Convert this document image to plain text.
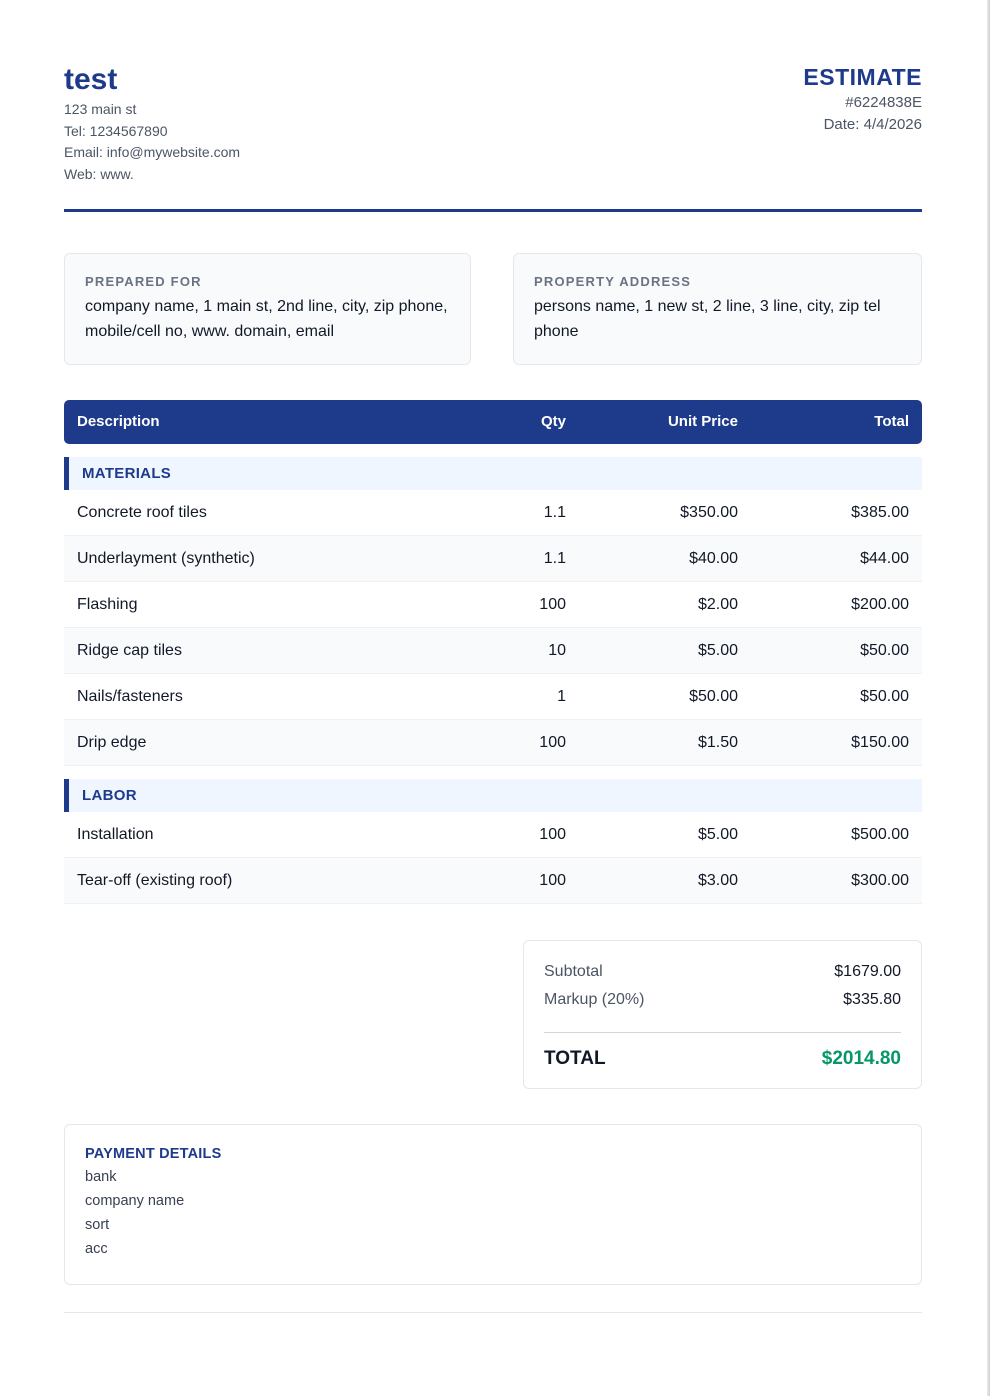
test
123 main st
Tel: 1234567890
Email: info@mywebsite.com
Web: www.
ESTIMATE
#6224838E
Date: 4/4/2026
PREPARED FOR
company name, 1 main st, 2nd line, city, zip phone, mobile/cell no, www. domain, email
PROPERTY ADDRESS
persons name, 1 new st, 2 line, 3 line, city, zip tel phone
Description	Qty	Unit Price	Total
MATERIALS
Concrete roof tiles	1.1	$350.00	$385.00
Underlayment (synthetic)	1.1	$40.00	$44.00
Flashing	100	$2.00	$200.00
Ridge cap tiles	10	$5.00	$50.00
Nails/fasteners	1	$50.00	$50.00
Drip edge	100	$1.50	$150.00
LABOR
Installation	100	$5.00	$500.00
Tear-off (existing roof)	100	$3.00	$300.00
Subtotal	$1679.00
Markup (20%)	$335.80
TOTAL	$2014.80
PAYMENT DETAILS
bank
company name
sort
acc
